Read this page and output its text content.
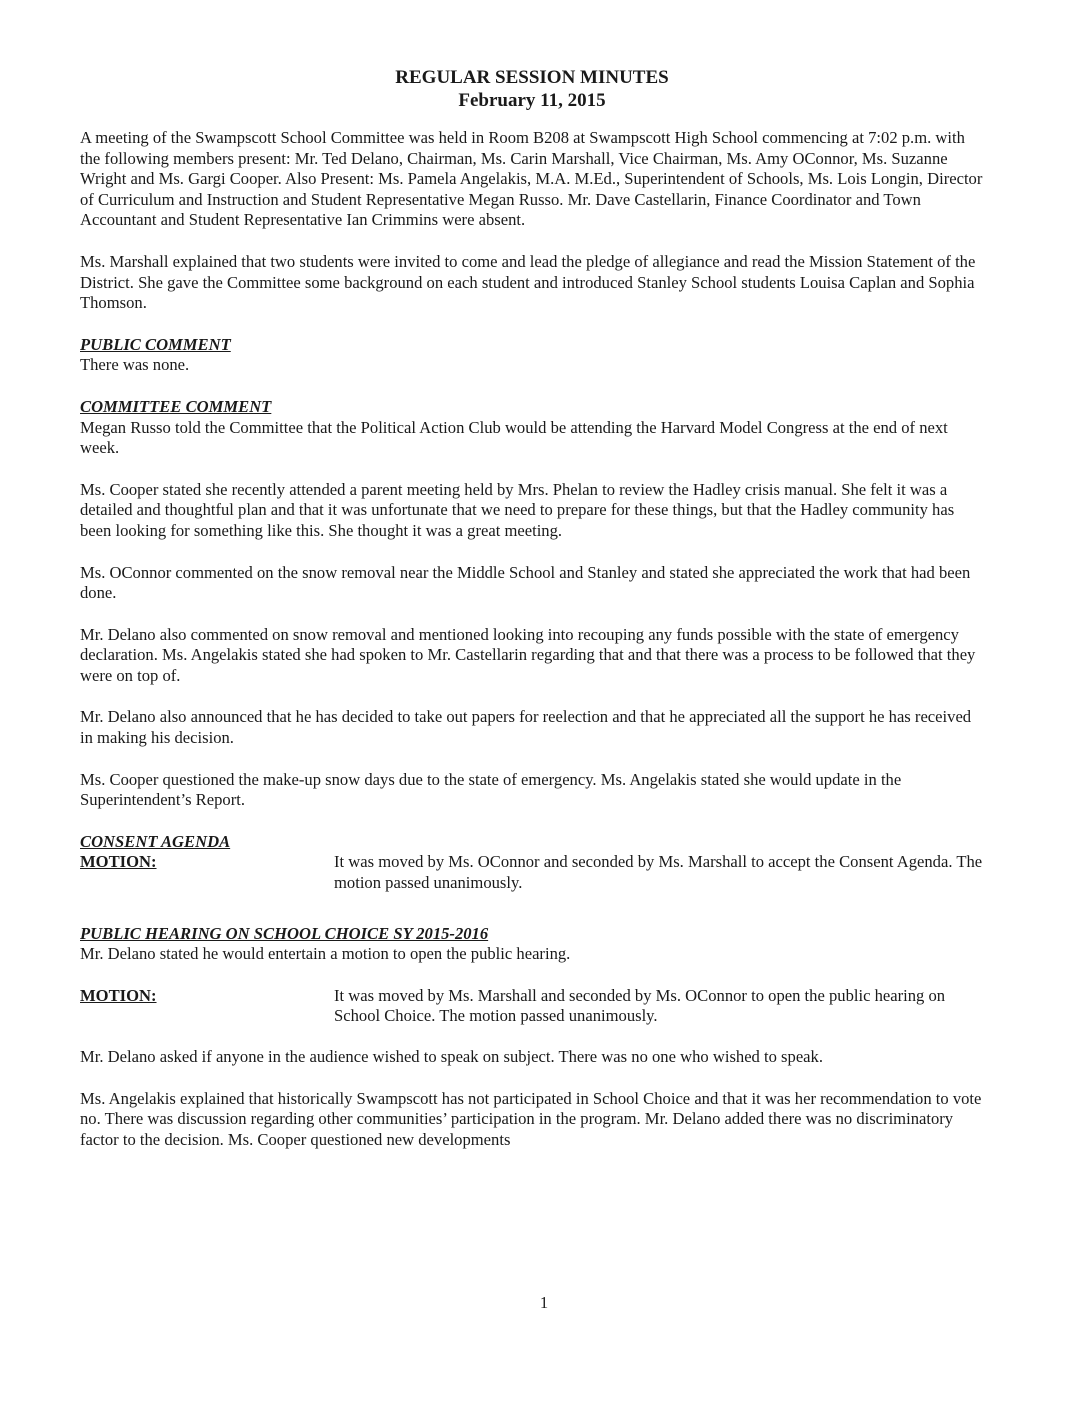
REGULAR SESSION MINUTES
February 11, 2015

A meeting of the Swampscott School Committee was held in Room B208 at Swampscott High School commencing at 7:02 p.m. with the following members present: Mr. Ted Delano, Chairman, Ms. Carin Marshall, Vice Chairman, Ms. Amy OConnor, Ms. Suzanne Wright and Ms. Gargi Cooper. Also Present: Ms. Pamela Angelakis, M.A. M.Ed., Superintendent of Schools, Ms. Lois Longin, Director of Curriculum and Instruction and Student Representative Megan Russo. Mr. Dave Castellarin, Finance Coordinator and Town Accountant and Student Representative Ian Crimmins were absent.

Ms. Marshall explained that two students were invited to come and lead the pledge of allegiance and read the Mission Statement of the District. She gave the Committee some background on each student and introduced Stanley School students Louisa Caplan and Sophia Thomson.

PUBLIC COMMENT

There was none.

COMMITTEE COMMENT

Megan Russo told the Committee that the Political Action Club would be attending the Harvard Model Congress at the end of next week.

Ms. Cooper stated she recently attended a parent meeting held by Mrs. Phelan to review the Hadley crisis manual. She felt it was a detailed and thoughtful plan and that it was unfortunate that we need to prepare for these things, but that the Hadley community has been looking for something like this. She thought it was a great meeting.

Ms. OConnor commented on the snow removal near the Middle School and Stanley and stated she appreciated the work that had been done.

Mr. Delano also commented on snow removal and mentioned looking into recouping any funds possible with the state of emergency declaration. Ms. Angelakis stated she had spoken to Mr. Castellarin regarding that and that there was a process to be followed that they were on top of.

Mr. Delano also announced that he has decided to take out papers for reelection and that he appreciated all the support he has received in making his decision.

Ms. Cooper questioned the make-up snow days due to the state of emergency. Ms. Angelakis stated she would update in the Superintendent’s Report.

CONSENT AGENDA
MOTION:	It was moved by Ms. OConnor and seconded by Ms. Marshall to accept the Consent Agenda. The motion passed unanimously.
PUBLIC HEARING ON SCHOOL CHOICE SY 2015-2016

Mr. Delano stated he would entertain a motion to open the public hearing.

MOTION:	It was moved by Ms. Marshall and seconded by Ms. OConnor to open the public hearing on School Choice. The motion passed unanimously.

Mr. Delano asked if anyone in the audience wished to speak on subject. There was no one who wished to speak.

Ms. Angelakis explained that historically Swampscott has not participated in School Choice and that it was her recommendation to vote no. There was discussion regarding other communities’ participation in the program. Mr. Delano added there was no discriminatory factor to the decision. Ms. Cooper questioned new developments

1
